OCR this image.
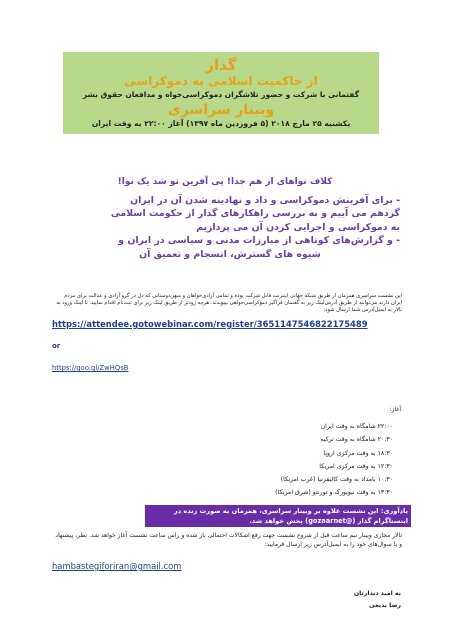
گذار
از حاکمیت اسلامی به دموکراسی
گفتمانی با شرکت و حضور تلاشگران دموکراسی‌خواه و مدافعان حقوق بشر
وبینار سراسری
یکشنبه ۲۵ مارچ ۲۰۱۸ (۵ فروردین ماه ۱۳۹۷) آغاز ۲۲:۰۰ به وقت ایران
کلاف نواهای از هم جدا! پی آفرین تو شد یک نوا!
- برای آفرینش دموکراسی و داد و نهادینه شدن آن در ایران
گردهم می آییم و به بررسی راهکارهای گذار از حکومت اسلامی
به دموکراسی و اجرایی کردن آن می پردازیم
- و گزارش‌های کوتاهی از مبارزات مدنی و سیاسی در ایران و
شیوه های گسترش، انسجام و تعمیق آن
این نشست سراسری همزمان از طریق شبکه جهانی اینترنت قابل شرکت بوده و تمامی آزادی‌خواهان و میهن‌دوستانی که دل در گرو آزادی و عدالت برای مردم ایران دارند می‌توانند از طریق آدرس‌لینک زیر به گفتمان فراگیر دموکراسی‌خواهی بپیوندند. هرچه زودتر از طریق لینک زیر برای ثبت‌نام اقدام نمایید. تا لینک ورود به تالار به ایمیل‌آدرس شما ارسال شود:
https://attendee.gotowebinar.com/register/3651147546822175489
or
https://goo.gl/ZwHQsB
آغاز:
۲۲:۰۰ شامگاه به وقت ایران
۲۰:۳۰ شامگاه به وقت ترکیه
۱۸:۳۰ به وقت مرکزی اروپا
۱۲:۳۰ به وقت مرکزی امریکا
۱۰:۳۰ بامداد به وقت کالیفرنیا (غرب امریکا)
۱۳:۳۰ به وقت نیویورک و تورنتو (شرق امریکا)
یادآوری: این نشست علاوه بر وبینار سراسری، همزمان به صورت زنده در اینستاگرام گذار (@gozaarnet) پخش خواهد شد.
تالار مجازی وبینار نیم ساعت قبل از شروع نشست جهت رفع اشکالات احتمالی باز شده و راس ساعت نشست آغاز خواهد شد. نظر، پیشنهاد و یا سوال‌های خود را به ایمیل‌آدرس زیر ارسال فرمایید:
hambastegiforiran@gmail.com
به امید دیدارتان
رضا بدیعی
